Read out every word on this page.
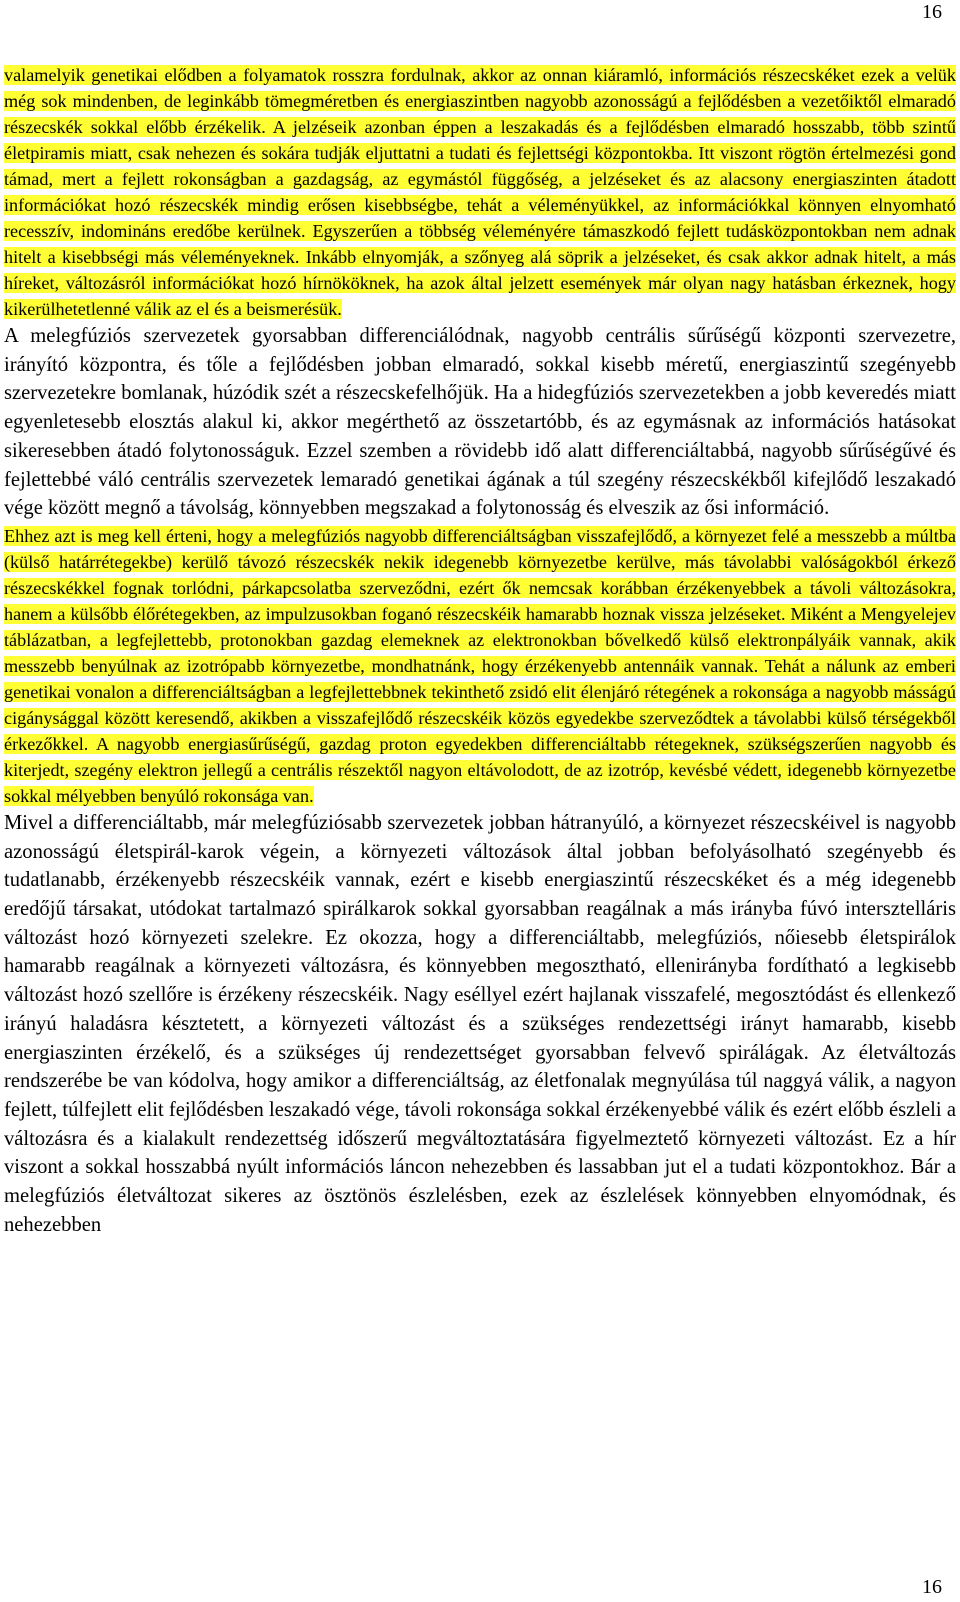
16

valamelyik genetikai elődben a folyamatok rosszra fordulnak, akkor az onnan kiáramló, információs részecskéket ezek a velük még sok mindenben, de leginkább tömegméretben és energiaszintben nagyobb azonosságú a fejlődésben a vezetőiktől elmaradó részecskék sokkal előbb érzékelik. A jelzéseik azonban éppen a leszakadás és a fejlődésben elmaradó hosszabb, több szintű életpiramis miatt, csak nehezen és sokára tudják eljuttatni a tudati és fejlettségi központokba. Itt viszont rögtön értelmezési gond támad, mert a fejlett rokonságban a gazdagság, az egymástól függőség, a jelzéseket és az alacsony energiaszinten átadott információkat hozó részecskék mindig erősen kisebbségbe, tehát a véleményükkel, az információkkal könnyen elnyomható recesszív, indomináns eredőbe kerülnek. Egyszerűen a többség véleményére támaszkodó fejlett tudásközpontokban nem adnak hitelt a kisebbségi más véleményeknek. Inkább elnyomják, a szőnyeg alá söprik a jelzéseket, és csak akkor adnak hitelt, a más híreket, változásról információkat hozó hírnököknek, ha azok által jelzett események már olyan nagy hatásban érkeznek, hogy kikerülhetetlenné válik az el és a beismerésük.

A melegfúziós szervezetek gyorsabban differenciálódnak, nagyobb centrális sűrűségű központi szervezetre, irányító központra, és tőle a fejlődésben jobban elmaradó, sokkal kisebb méretű, energiaszintű szegényebb szervezetekre bomlanak, húzódik szét a részecskefelhőjük. Ha a hidegfúziós szervezetekben a jobb keveredés miatt egyenletesebb elosztás alakul ki, akkor megérthető az összetartóbb, és az egymásnak az információs hatásokat sikeresebben átadó folytonosságuk. Ezzel szemben a rövidebb idő alatt differenciáltabbá, nagyobb sűrűségűvé és fejlettebbé váló centrális szervezetek lemaradó genetikai ágának a túl szegény részecskékből kifejlődő leszakadó vége között megnő a távolság, könnyebben megszakad a folytonosság és elveszik az ősi információ.

Ehhez azt is meg kell érteni, hogy a melegfúziós nagyobb differenciáltságban visszafejlődő, a környezet felé a messzebb a múltba (külső határrétegekbe) kerülő távozó részecskék nekik idegenebb környezetbe kerülve, más távolabbi valóságokból érkező részecskékkel fognak torlódni, párkapcsolatba szerveződni, ezért ők nemcsak korábban érzékenyebbek a távoli változásokra, hanem a külsőbb élőrétegekben, az impulzusokban foganó részecskéik hamarabb hoznak vissza jelzéseket. Miként a Mengyelejev táblázatban, a legfejlettebb, protonokban gazdag elemeknek az elektronokban bővelkedő külső elektronpályáik vannak, akik messzebb benyúlnak az izotrópabb környezetbe, mondhatnánk, hogy érzékenyebb antennáik vannak. Tehát a nálunk az emberi genetikai vonalon a differenciáltságban a legfejlettebbnek tekinthető zsidó elit élenjáró rétegének a rokonsága a nagyobb másságú cigánysággal között keresendő, akikben a visszafejlődő részecskéik közös egyedekbe szerveződtek a távolabbi külső térségekből érkezőkkel. A nagyobb energiasűrűségű, gazdag proton egyedekben differenciáltabb rétegeknek, szükségszerűen nagyobb és kiterjedt, szegény elektron jellegű a centrális részektől nagyon eltávolodott, de az izotróp, kevésbé védett, idegenebb környezetbe sokkal mélyebben benyúló rokonsága van.

Mivel a differenciáltabb, már melegfúziósabb szervezetek jobban hátranyúló, a környezet részecskéivel is nagyobb azonosságú életspirál-karok végein, a környezeti változások által jobban befolyásolható szegényebb és tudatlanabb, érzékenyebb részecskéik vannak, ezért e kisebb energiaszintű részecskéket és a még idegenebb eredőjű társakat, utódokat tartalmazó spirálkarok sokkal gyorsabban reagálnak a más irányba fúvó intersztelláris változást hozó környezeti szelekre. Ez okozza, hogy a differenciáltabb, melegfúziós, nőiesebb életspirálok hamarabb reagálnak a környezeti változásra, és könnyebben megosztható, ellenirányba fordítható a legkisebb változást hozó szellőre is érzékeny részecskéik. Nagy eséllyel ezért hajlanak visszafelé, megosztódást és ellenkező irányú haladásra késztetett, a környezeti változást és a szükséges rendezettségi irányt hamarabb, kisebb energiaszinten érzékelő, és a szükséges új rendezettséget gyorsabban felvevő spirálágak. Az életváltozás rendszerébe be van kódolva, hogy amikor a differenciáltság, az életfonalak megnyúlása túl naggyá válik, a nagyon fejlett, túlfejlett elit fejlődésben leszakadó vége, távoli rokonsága sokkal érzékenyebbé válik és ezért előbb észleli a változásra és a kialakult rendezettség időszerű megváltoztatására figyelmeztető környezeti változást. Ez a hír viszont a sokkal hosszabbá nyúlt információs láncon nehezebben és lassabban jut el a tudati központokhoz. Bár a melegfúziós életváltozat sikeres az ösztönös észlelésben, ezek az észlelések könnyebben elnyomódnak, és nehezebben

16
